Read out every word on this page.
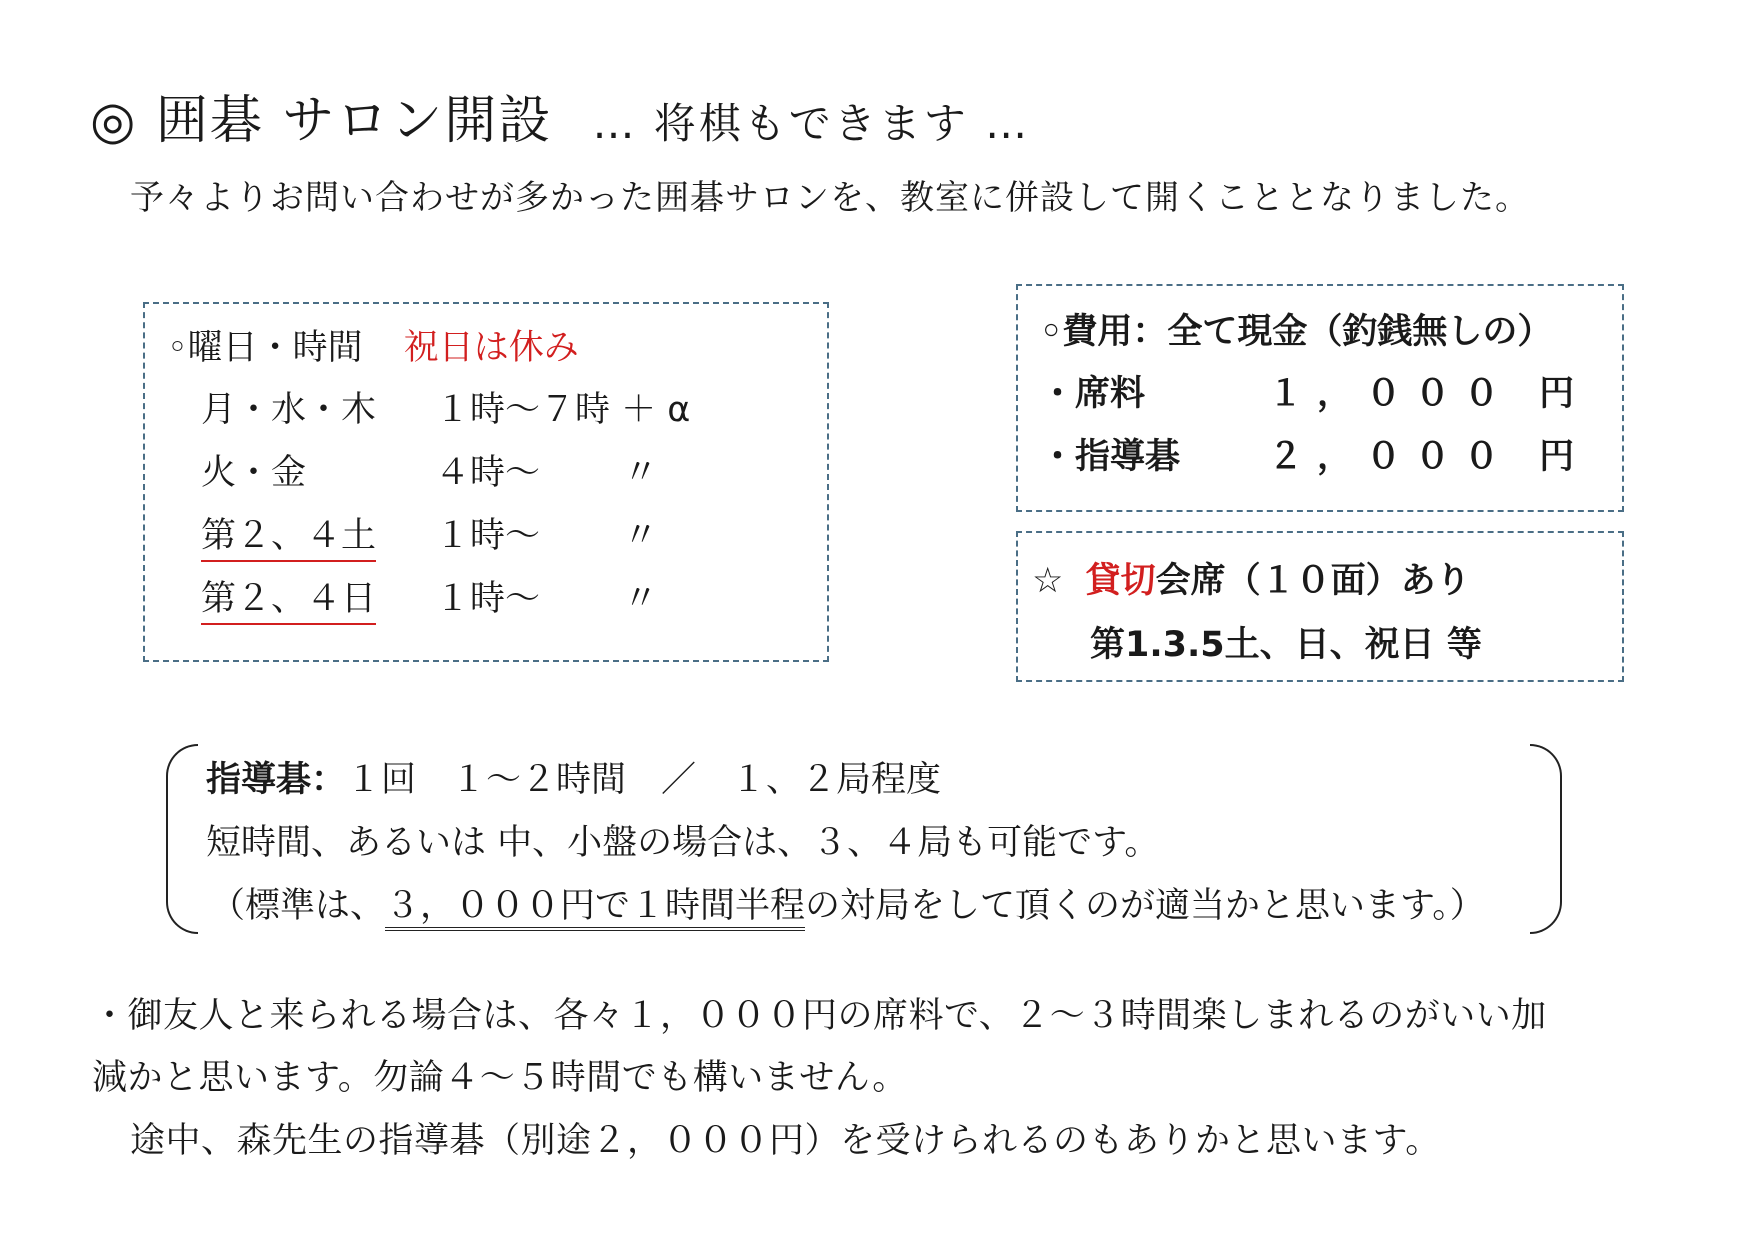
◎ 囲碁 サロン開設 … 将棋もできます …
予々よりお問い合わせが多かった囲碁サロンを、教室に併設して開くこととなりました。
◦曜日・時間 祝日は休み
月・水・木 １時〜７時 ＋ α
火・金	４時〜 〃
第２、４土 １時〜 〃
第２、４日 １時〜 〃
◦費用：全て現金（釣銭無しの）
・席料	１，０００ 円
・指導碁	２，０００ 円
☆ 貸切会席（１０面）あり
第1.3.5土、日、祝日 等
指導碁：１回　１〜２時間　／　１、２局程度
短時間、あるいは 中、小盤の場合は、３、４局も可能です。
（標準は、３，０００円で１時間半程の対局をして頂くのが適当かと思います。）
・御友人と来られる場合は、各々１，０００円の席料で、２〜３時間楽しまれるのがいい加
減かと思います。勿論４〜５時間でも構いません。
途中、森先生の指導碁（別途２，０００円）を受けられるのもありかと思います。
